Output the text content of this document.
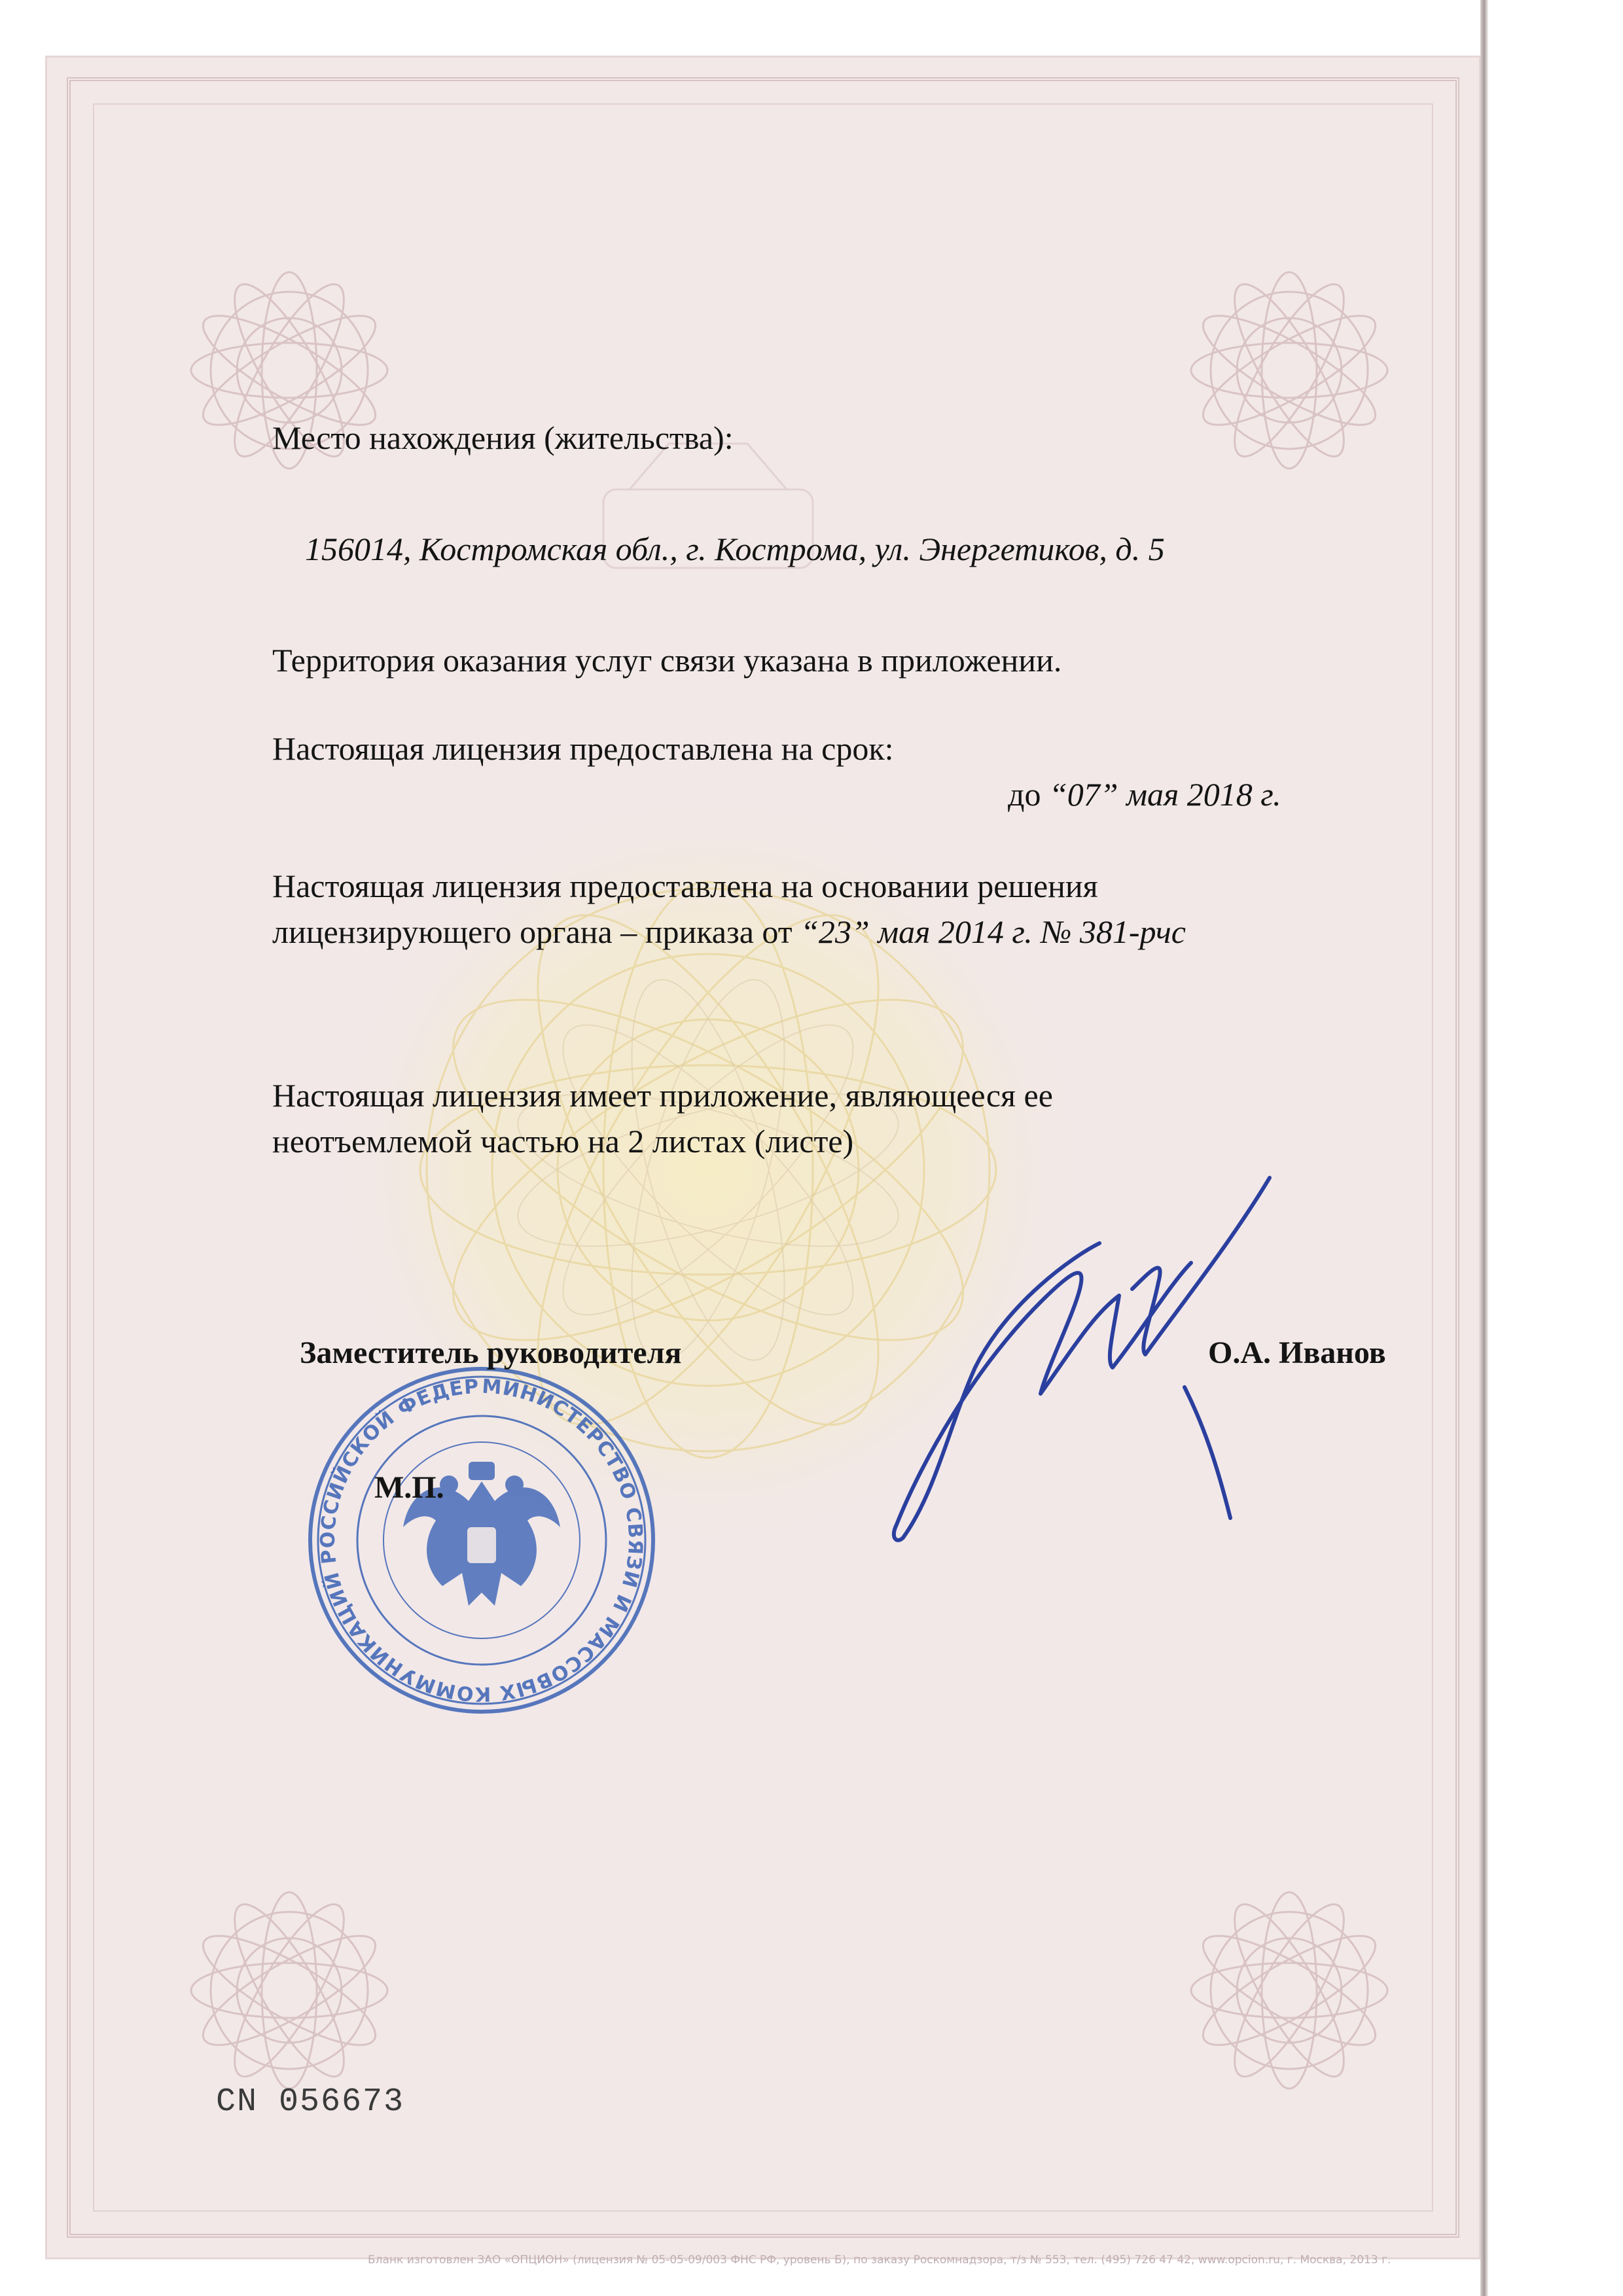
CN 056673
Бланк изготовлен ЗАО «ОПЦИОН» (лицензия № 05-05-09/003 ФНС РФ, уровень Б), по заказу Роскомнадзора, т/з № 553, тел. (495) 726 47 42, www.opcion.ru, г. Москва, 2013 г.
Место нахождения (жительства):
156014, Костромская обл., г. Кострома, ул. Энергетиков, д. 5
Территория оказания услуг связи указана в приложении.
Настоящая лицензия предоставлена на срок:
до “07” мая 2018 г.
Настоящая лицензия предоставлена на основании решения
лицензирующего органа – приказа от “23” мая 2014 г. № 381-рчс
Настоящая лицензия имеет приложение, являющееся ее
неотъемлемой частью на 2 листах (листе)
МИНИСТЕРСТВО СВЯЗИ И МАССОВЫХ КОММУНИКАЦИЙ РОССИЙСКОЙ ФЕДЕР
Заместитель руководителя	О.А. Иванов
М.П.
